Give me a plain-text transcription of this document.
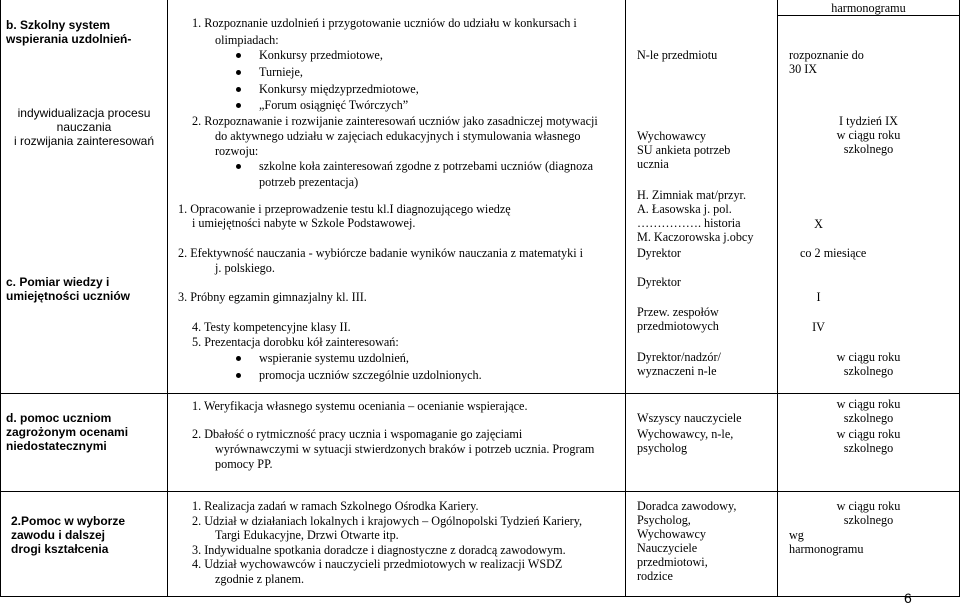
b. Szkolny system
wspierania uzdolnień-
indywidualizacja procesu
nauczania
i rozwijania zainteresowań
c. Pomiar wiedzy i
umiejętności uczniów
d. pomoc uczniom
zagrożonym ocenami
niedostatecznymi
2.Pomoc w wyborze
zawodu i dalszej
drogi kształcenia
1. Rozpoznanie uzdolnień i przygotowanie uczniów do udziału w konkursach i
olimpiadach:
Konkursy przedmiotowe,
Turnieje,
Konkursy międzyprzedmiotowe,
„Forum osiągnięć Twórczych”
2. Rozpoznawanie i rozwijanie zainteresowań uczniów jako zasadniczej motywacji
do aktywnego udziału w zajęciach edukacyjnych i stymulowania własnego
rozwoju:
szkolne koła zainteresowań zgodne z potrzebami uczniów (diagnoza
potrzeb prezentacja)
1. Opracowanie i przeprowadzenie testu kl.I diagnozującego wiedzę
i umiejętności nabyte w Szkole Podstawowej.
2. Efektywność nauczania - wybiórcze badanie wyników nauczania z matematyki i
j. polskiego.
3. Próbny egzamin gimnazjalny kl. III.
4. Testy kompetencyjne klasy II.
5. Prezentacja dorobku kół zainteresowań:
wspieranie systemu uzdolnień,
promocja uczniów szczególnie uzdolnionych.
1. Weryfikacja własnego systemu oceniania – ocenianie wspierające.
2. Dbałość o rytmiczność pracy ucznia i wspomaganie go zajęciami
wyrównawczymi w sytuacji stwierdzonych braków i potrzeb ucznia. Program
pomocy PP.
1. Realizacja zadań w ramach Szkolnego Ośrodka Kariery.
2. Udział w działaniach lokalnych i krajowych – Ogólnopolski Tydzień Kariery,
Targi Edukacyjne, Drzwi Otwarte itp.
3. Indywidualne spotkania doradcze i diagnostyczne z doradcą zawodowym.
4. Udział wychowawców i nauczycieli przedmiotowych w realizacji WSDZ
zgodnie z planem.
N-le przedmiotu
Wychowawcy
SU ankieta potrzeb
ucznia
H. Zimniak mat/przyr.
A. Łasowska j. pol.
……………. historia
M. Kaczorowska j.obcy
Dyrektor
Dyrektor
Przew. zespołów
przedmiotowych
Dyrektor/nadzór/
wyznaczeni n-le
Wszyscy nauczyciele
Wychowawcy, n-le,
psycholog
Doradca zawodowy,
Psycholog,
Wychowawcy
Nauczyciele
przedmiotowi,
rodzice
harmonogramu
rozpoznanie do
30 IX
I tydzień IX
w ciągu roku
szkolnego
X
co 2 miesiące
I
IV
w ciągu roku
szkolnego
w ciągu roku
szkolnego
w ciągu roku
szkolnego
w ciągu roku
szkolnego
wg
harmonogramu
6
